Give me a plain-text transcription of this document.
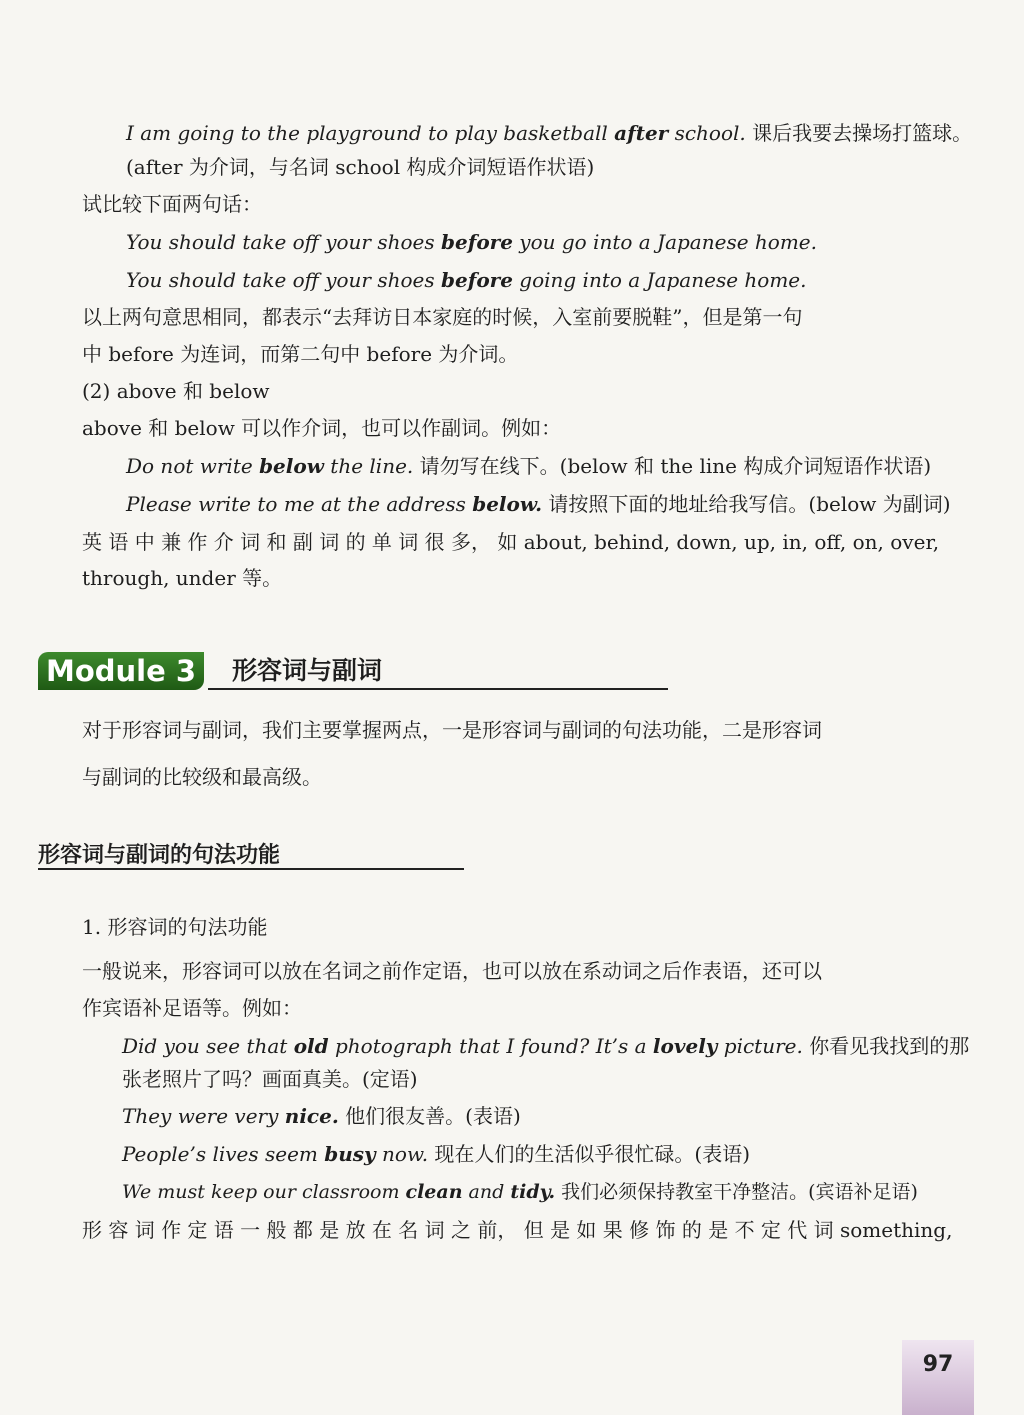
I am going to the playground to play basketball after school. 课后我要去操场打篮球。
(after 为介词，与名词 school 构成介词短语作状语)
试比较下面两句话：
You should take off your shoes before you go into a Japanese home.
You should take off your shoes before going into a Japanese home.
以上两句意思相同，都表示“去拜访日本家庭的时候，入室前要脱鞋”，但是第一句
中 before 为连词，而第二句中 before 为介词。
(2) above 和 below
above 和 below 可以作介词，也可以作副词。例如：
Do not write below the line. 请勿写在线下。(below 和 the line 构成介词短语作状语)
Please write to me at the address below. 请按照下面的地址给我写信。(below 为副词)
英 语 中 兼 作 介 词 和 副 词 的 单 词 很 多， 如 about, behind, down, up, in, off, on, over,
through, under 等。
Module 3	形容词与副词
对于形容词与副词，我们主要掌握两点，一是形容词与副词的句法功能，二是形容词
与副词的比较级和最高级。
形容词与副词的句法功能
1. 形容词的句法功能
一般说来，形容词可以放在名词之前作定语，也可以放在系动词之后作表语，还可以
作宾语补足语等。例如：
Did you see that old photograph that I found? It’s a lovely picture. 你看见我找到的那
张老照片了吗？画面真美。(定语)
They were very nice. 他们很友善。(表语)
People’s lives seem busy now. 现在人们的生活似乎很忙碌。(表语)
We must keep our classroom clean and tidy. 我们必须保持教室干净整洁。(宾语补足语)
形 容 词 作 定 语 一 般 都 是 放 在 名 词 之 前， 但 是 如 果 修 饰 的 是 不 定 代 词 something,
97
